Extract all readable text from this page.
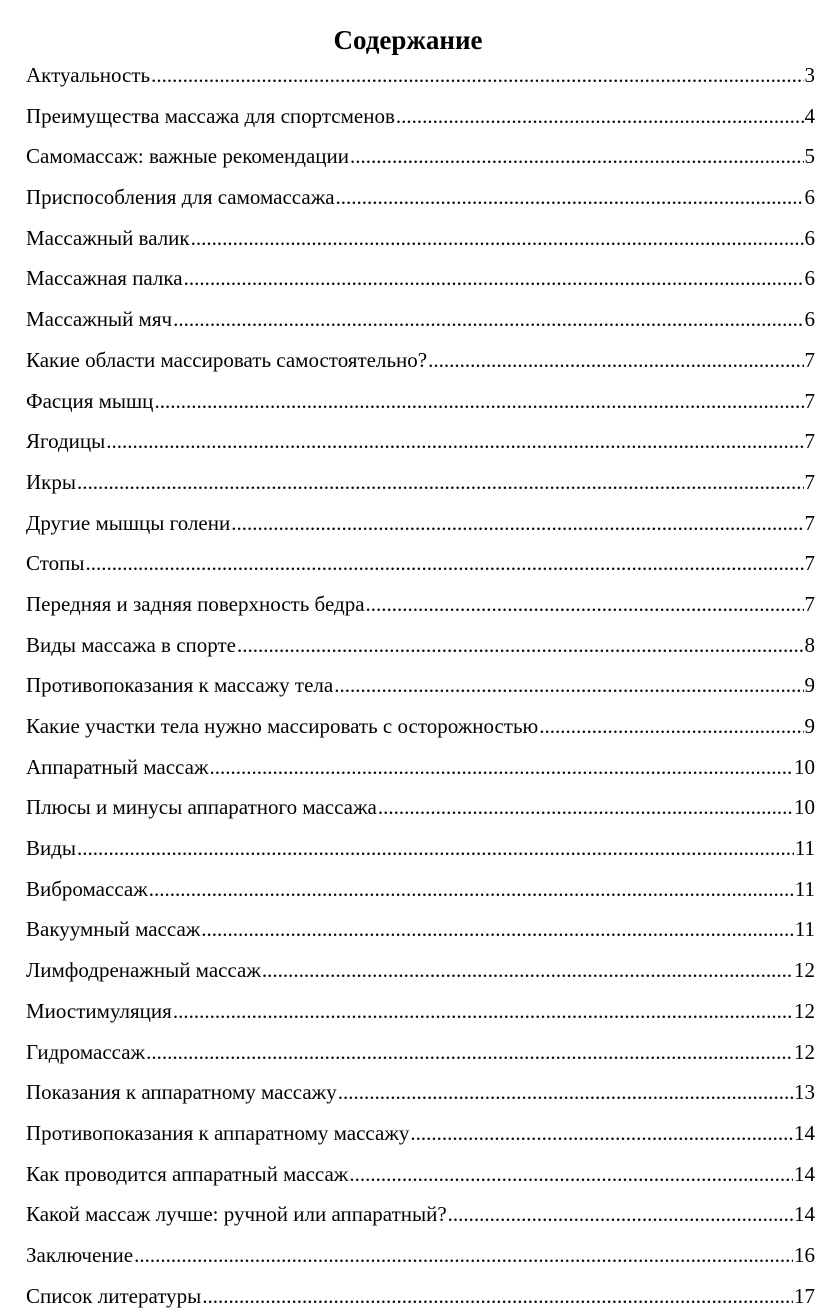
Содержание
Актуальность .....	3
Преимущества массажа для спортсменов .....	4
Самомассаж: важные рекомендации .....	5
Приспособления для самомассажа .....	6
Массажный валик .....	6
Массажная палка .....	6
Массажный мяч .....	6
Какие области массировать самостоятельно? .....	7
Фасция мышц .....	7
Ягодицы .....	7
Икры .....	7
Другие мышцы голени .....	7
Стопы .....	7
Передняя и задняя поверхность бедра .....	7
Виды массажа в спорте .....	8
Противопоказания к массажу тела .....	9
Какие участки тела нужно массировать с осторожностью .....	9
Аппаратный массаж .....	10
Плюсы и минусы аппаратного массажа .....	10
Виды .....	11
Вибромассаж .....	11
Вакуумный массаж .....	11
Лимфодренажный массаж .....	12
Миостимуляция .....	12
Гидромассаж .....	12
Показания к аппаратному массажу .....	13
Противопоказания к аппаратному массажу .....	14
Как проводится аппаратный массаж .....	14
Какой массаж лучше: ручной или аппаратный? .....	14
Заключение .....	16
Список литературы .....	17
